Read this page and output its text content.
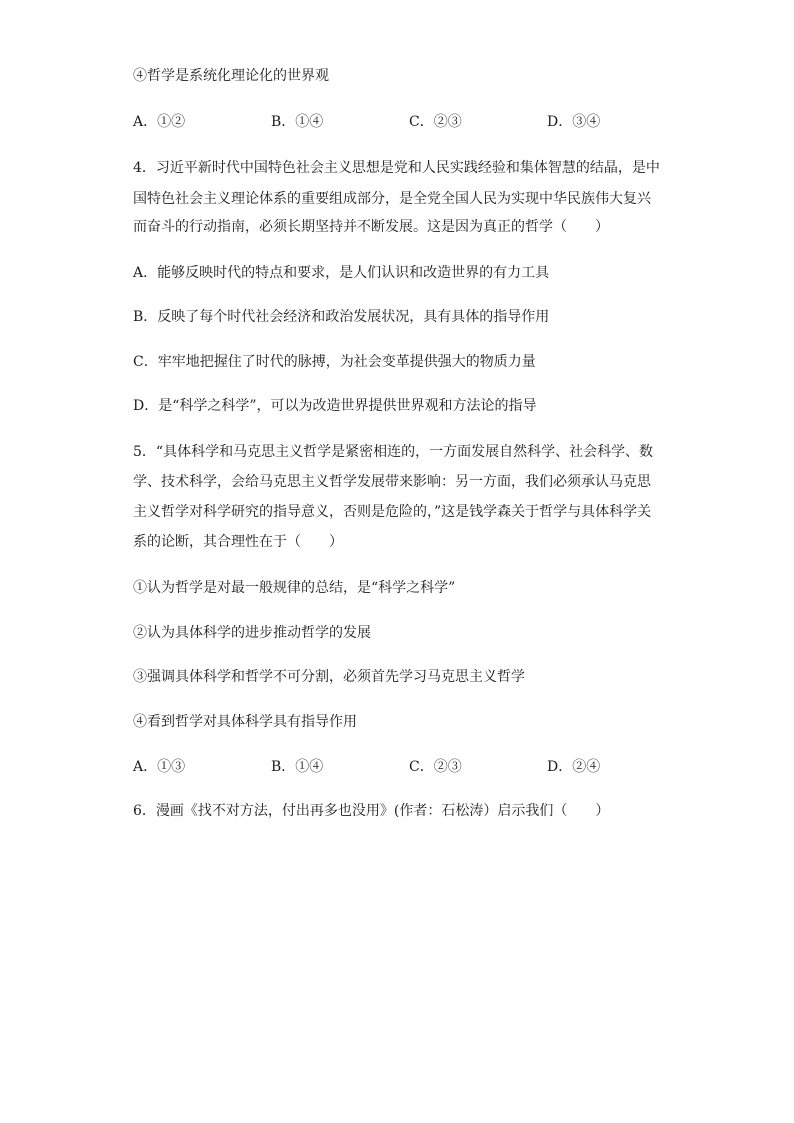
④哲学是系统化理论化的世界观
A．①②	B．①④	C．②③	D．③④
4．习近平新时代中国特色社会主义思想是党和人民实践经验和集体智慧的结晶，是中
国特色社会主义理论体系的重要组成部分，是全党全国人民为实现中华民族伟大复兴
而奋斗的行动指南，必须长期坚持并不断发展。这是因为真正的哲学（　　）
A．能够反映时代的特点和要求，是人们认识和改造世界的有力工具
B．反映了每个时代社会经济和政治发展状况，具有具体的指导作用
C．牢牢地把握住了时代的脉搏，为社会变革提供强大的物质力量
D．是“科学之科学”，可以为改造世界提供世界观和方法论的指导
5．“具体科学和马克思主义哲学是紧密相连的，一方面发展自然科学、社会科学、数
学、技术科学，会给马克思主义哲学发展带来影响：另一方面，我们必须承认马克思
主义哲学对科学研究的指导意义，否则是危险的，”这是钱学森关于哲学与具体科学关
系的论断，其合理性在于（　　）
①认为哲学是对最一般规律的总结，是“科学之科学”
②认为具体科学的进步推动哲学的发展
③强调具体科学和哲学不可分割，必须首先学习马克思主义哲学
④看到哲学对具体科学具有指导作用
A．①③	B．①④	C．②③	D．②④
6．漫画《找不对方法，付出再多也没用》(作者：石松涛）启示我们（　　）
